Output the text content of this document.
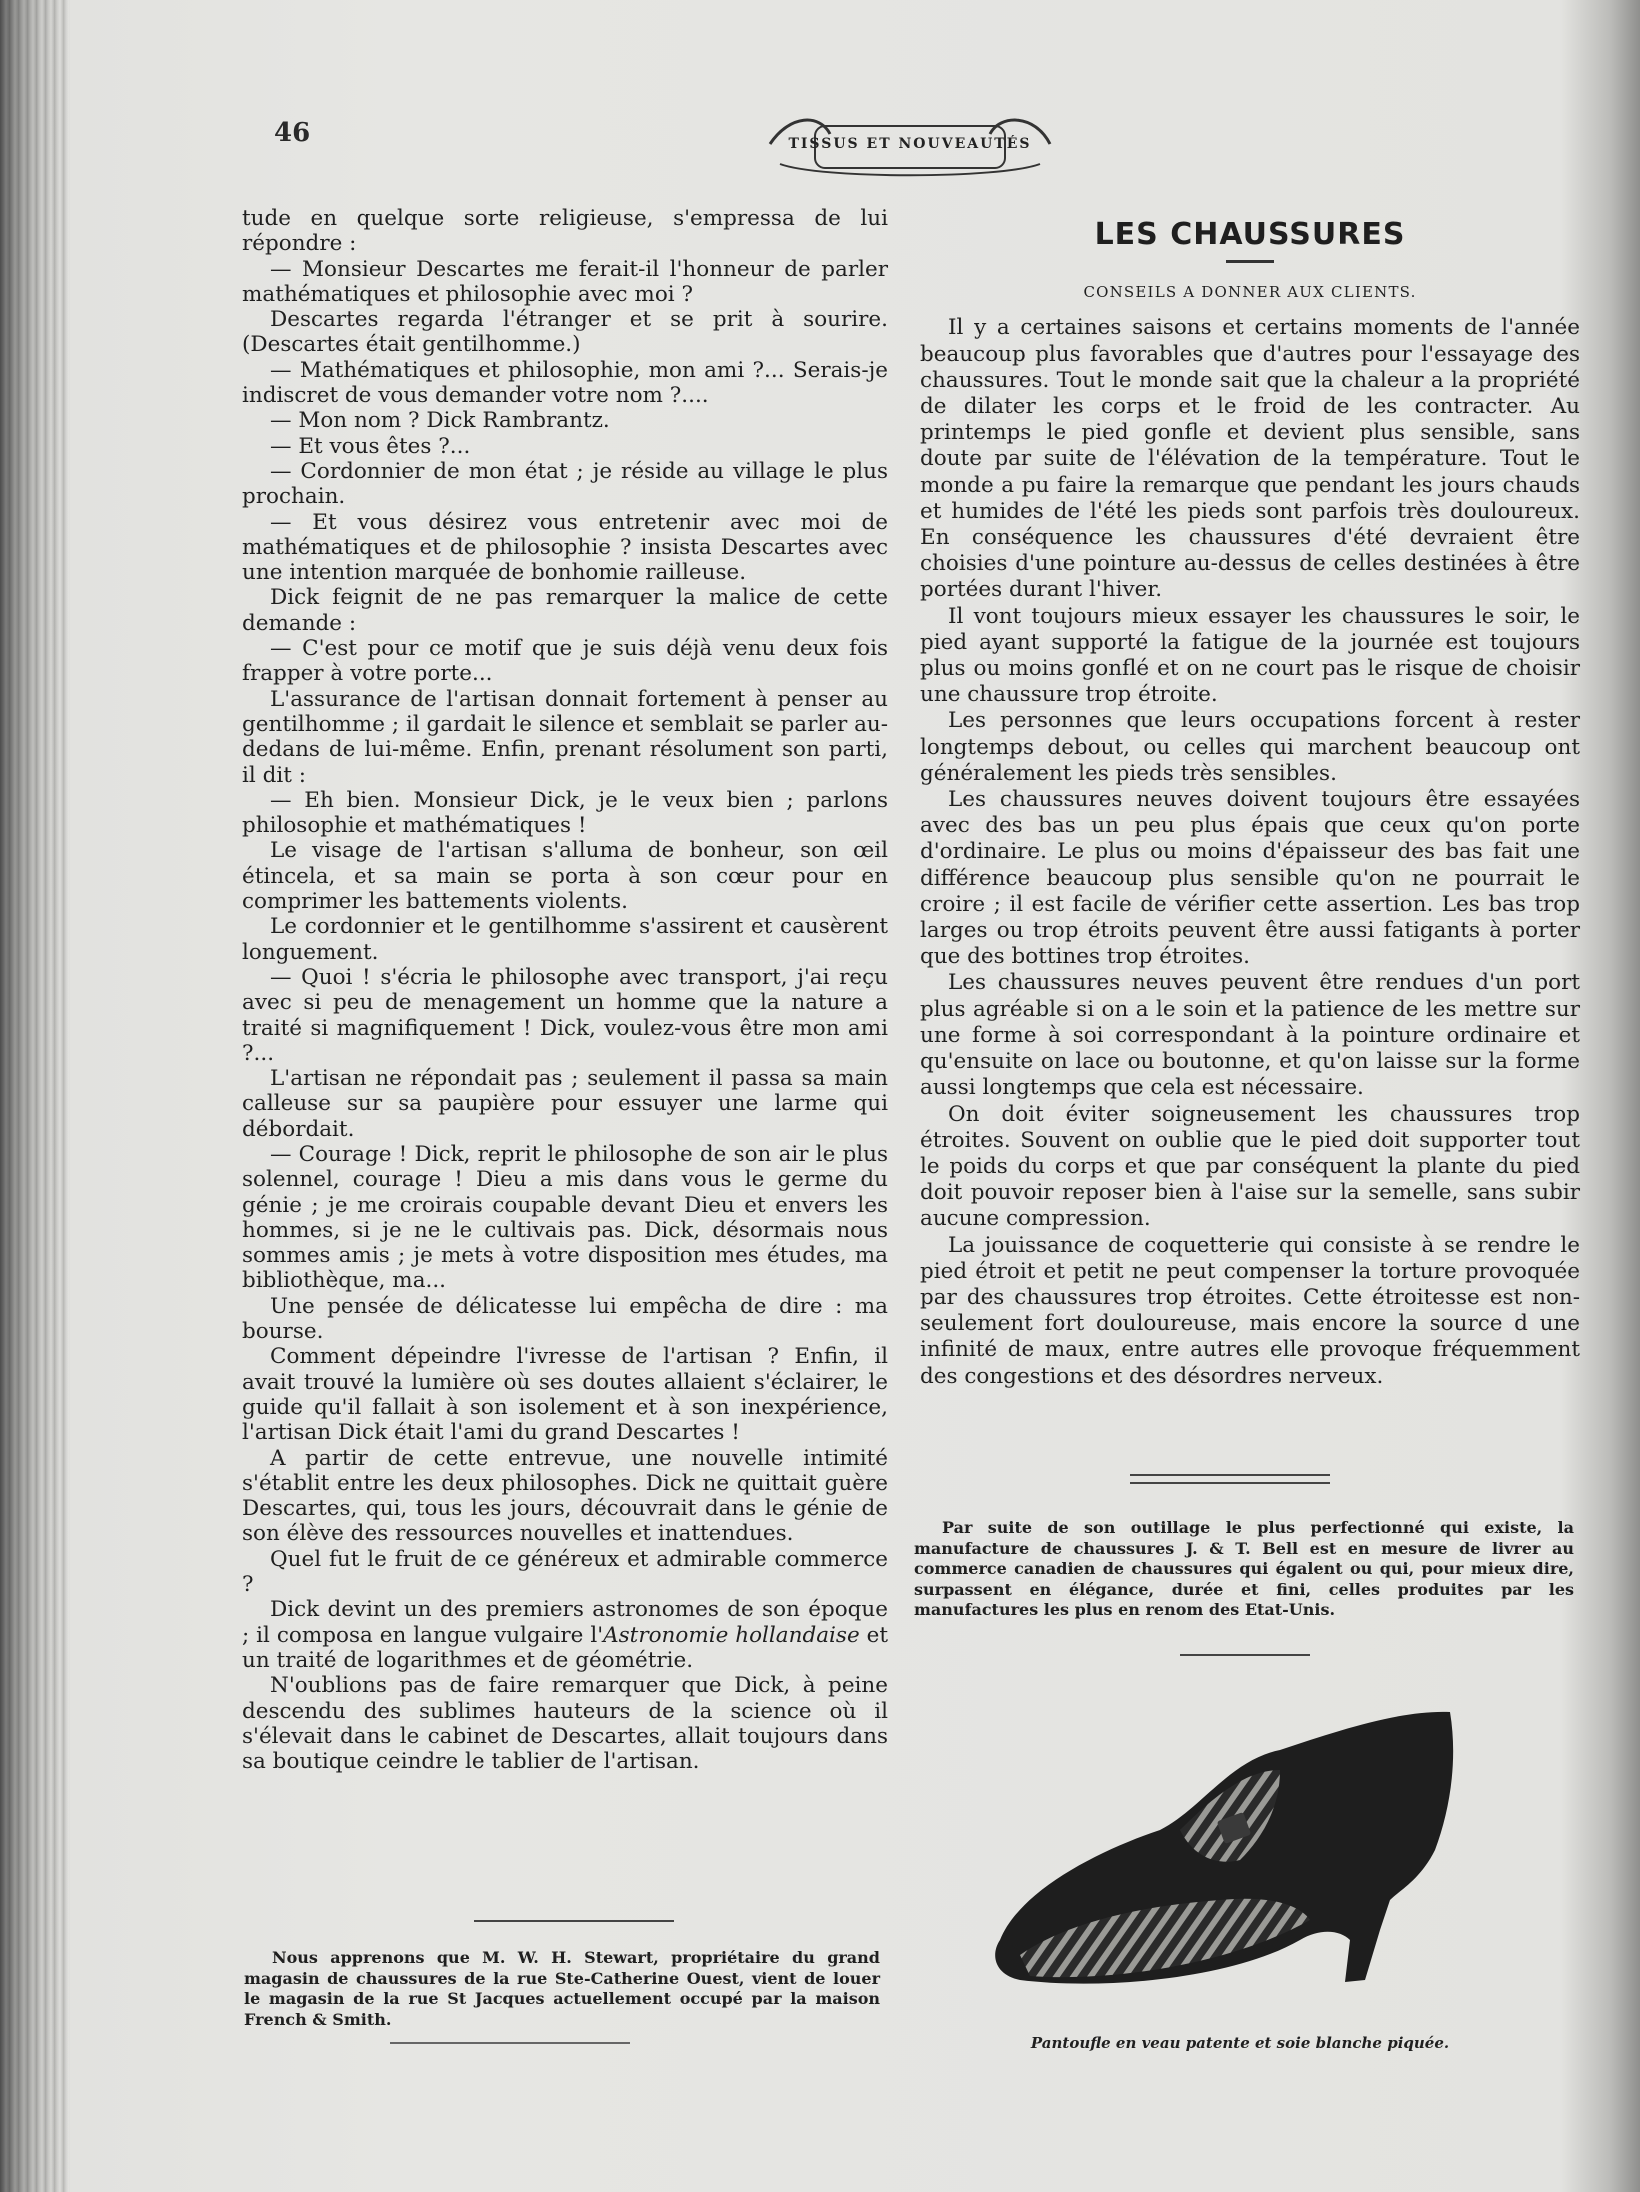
46	TISSUS ET NOUVEAUTÉS

tude en quelque sorte religieuse, s'empressa de lui répondre :

— Monsieur Descartes me ferait-il l'honneur de parler mathématiques et philosophie avec moi ?

Descartes regarda l'étranger et se prit à sourire. (Descartes était gentilhomme.)

— Mathématiques et philosophie, mon ami ?... Serais-je indiscret de vous demander votre nom ?....

— Mon nom ? Dick Rambrantz.

— Et vous êtes ?...

— Cordonnier de mon état ; je réside au village le plus prochain.

— Et vous désirez vous entretenir avec moi de mathématiques et de philosophie ? insista Descartes avec une intention marquée de bonhomie railleuse.

Dick feignit de ne pas remarquer la malice de cette demande :

— C'est pour ce motif que je suis déjà venu deux fois frapper à votre porte...

L'assurance de l'artisan donnait fortement à penser au gentilhomme ; il gardait le silence et semblait se parler au-dedans de lui-même. Enfin, prenant résolument son parti, il dit :

— Eh bien. Monsieur Dick, je le veux bien ; parlons philosophie et mathématiques !

Le visage de l'artisan s'alluma de bonheur, son œil étincela, et sa main se porta à son cœur pour en comprimer les battements violents.

Le cordonnier et le gentilhomme s'assirent et causèrent longuement.

— Quoi ! s'écria le philosophe avec transport, j'ai reçu avec si peu de menagement un homme que la nature a traité si magnifiquement ! Dick, voulez-vous être mon ami ?...

L'artisan ne répondait pas ; seulement il passa sa main calleuse sur sa paupière pour essuyer une larme qui débordait.

— Courage ! Dick, reprit le philosophe de son air le plus solennel, courage ! Dieu a mis dans vous le germe du génie ; je me croirais coupable devant Dieu et envers les hommes, si je ne le cultivais pas. Dick, désormais nous sommes amis ; je mets à votre disposition mes études, ma bibliothèque, ma...

Une pensée de délicatesse lui empêcha de dire : ma bourse.

Comment dépeindre l'ivresse de l'artisan ? Enfin, il avait trouvé la lumière où ses doutes allaient s'éclairer, le guide qu'il fallait à son isolement et à son inexpérience, l'artisan Dick était l'ami du grand Descartes !

A partir de cette entrevue, une nouvelle intimité s'établit entre les deux philosophes. Dick ne quittait guère Descartes, qui, tous les jours, découvrait dans le génie de son élève des ressources nouvelles et inattendues.

Quel fut le fruit de ce généreux et admirable commerce ?

Dick devint un des premiers astronomes de son époque ; il composa en langue vulgaire l'Astronomie hollandaise et un traité de logarithmes et de géométrie.

N'oublions pas de faire remarquer que Dick, à peine descendu des sublimes hauteurs de la science où il s'élevait dans le cabinet de Descartes, allait toujours dans sa boutique ceindre le tablier de l'artisan.

Nous apprenons que M. W. H. Stewart, propriétaire du grand magasin de chaussures de la rue Ste-Catherine Ouest, vient de louer le magasin de la rue St Jacques actuellement occupé par la maison French & Smith.
LES CHAUSSURES
CONSEILS A DONNER AUX CLIENTS.

Il y a certaines saisons et certains moments de l'année beaucoup plus favorables que d'autres pour l'essayage des chaussures. Tout le monde sait que la chaleur a la propriété de dilater les corps et le froid de les contracter. Au printemps le pied gonfle et devient plus sensible, sans doute par suite de l'élévation de la température. Tout le monde a pu faire la remarque que pendant les jours chauds et humides de l'été les pieds sont parfois très douloureux. En conséquence les chaussures d'été devraient être choisies d'une pointure au-dessus de celles destinées à être portées durant l'hiver.

Il vont toujours mieux essayer les chaussures le soir, le pied ayant supporté la fatigue de la journée est toujours plus ou moins gonflé et on ne court pas le risque de choisir une chaussure trop étroite.

Les personnes que leurs occupations forcent à rester longtemps debout, ou celles qui marchent beaucoup ont généralement les pieds très sensibles.

Les chaussures neuves doivent toujours être essayées avec des bas un peu plus épais que ceux qu'on porte d'ordinaire. Le plus ou moins d'épaisseur des bas fait une différence beaucoup plus sensible qu'on ne pourrait le croire ; il est facile de vérifier cette assertion. Les bas trop larges ou trop étroits peuvent être aussi fatigants à porter que des bottines trop étroites.

Les chaussures neuves peuvent être rendues d'un port plus agréable si on a le soin et la patience de les mettre sur une forme à soi correspondant à la pointure ordinaire et qu'ensuite on lace ou boutonne, et qu'on laisse sur la forme aussi longtemps que cela est nécessaire.

On doit éviter soigneusement les chaussures trop étroites. Souvent on oublie que le pied doit supporter tout le poids du corps et que par conséquent la plante du pied doit pouvoir reposer bien à l'aise sur la semelle, sans subir aucune compression.

La jouissance de coquetterie qui consiste à se rendre le pied étroit et petit ne peut compenser la torture provoquée par des chaussures trop étroites. Cette étroitesse est non-seulement fort douloureuse, mais encore la source d une infinité de maux, entre autres elle provoque fréquemment des congestions et des désordres nerveux.

Par suite de son outillage le plus perfectionné qui existe, la manufacture de chaussures J. & T. Bell est en mesure de livrer au commerce canadien de chaussures qui égalent ou qui, pour mieux dire, surpassent en élégance, durée et fini, celles produites par les manufactures les plus en renom des Etat-Unis.
Pantoufle en veau patente et soie blanche piquée.
